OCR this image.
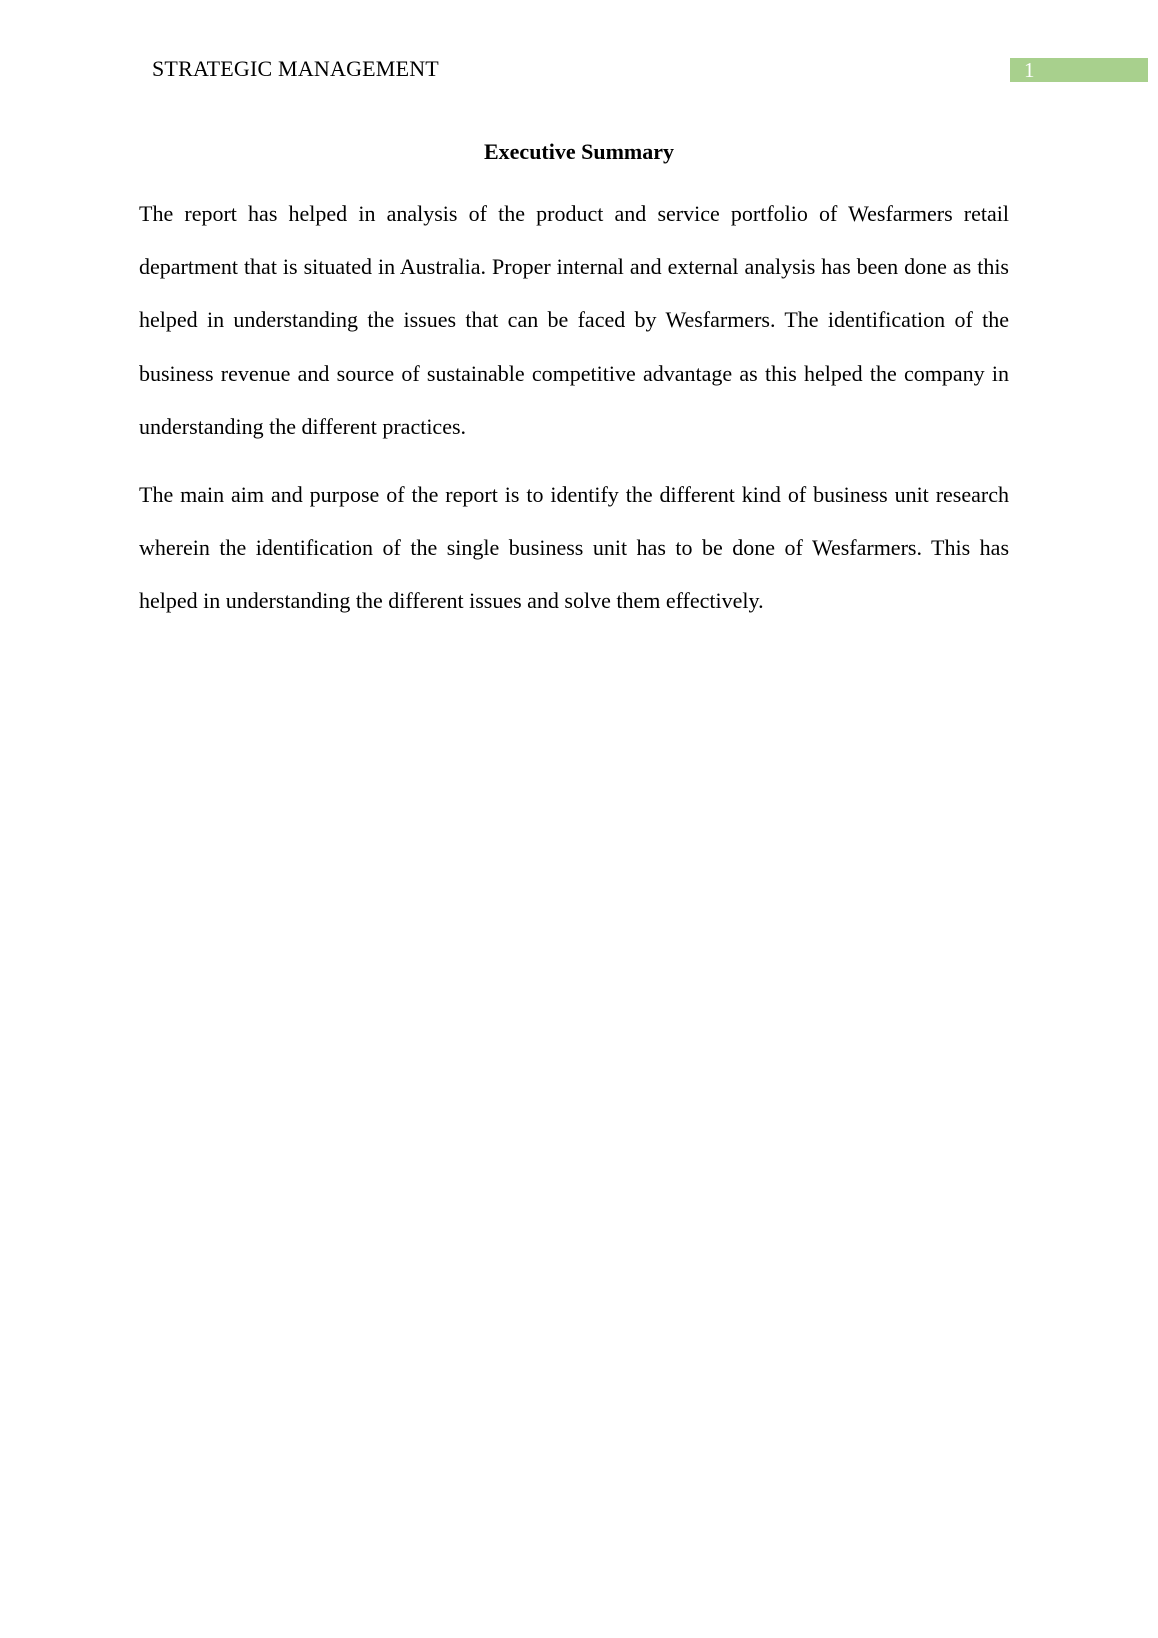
STRATEGIC MANAGEMENT	1
Executive Summary

The report has helped in analysis of the product and service portfolio of Wesfarmers retail department that is situated in Australia. Proper internal and external analysis has been done as this helped in understanding the issues that can be faced by Wesfarmers. The identification of the business revenue and source of sustainable competitive advantage as this helped the company in understanding the different practices.

The main aim and purpose of the report is to identify the different kind of business unit research wherein the identification of the single business unit has to be done of Wesfarmers. This has helped in understanding the different issues and solve them effectively.
